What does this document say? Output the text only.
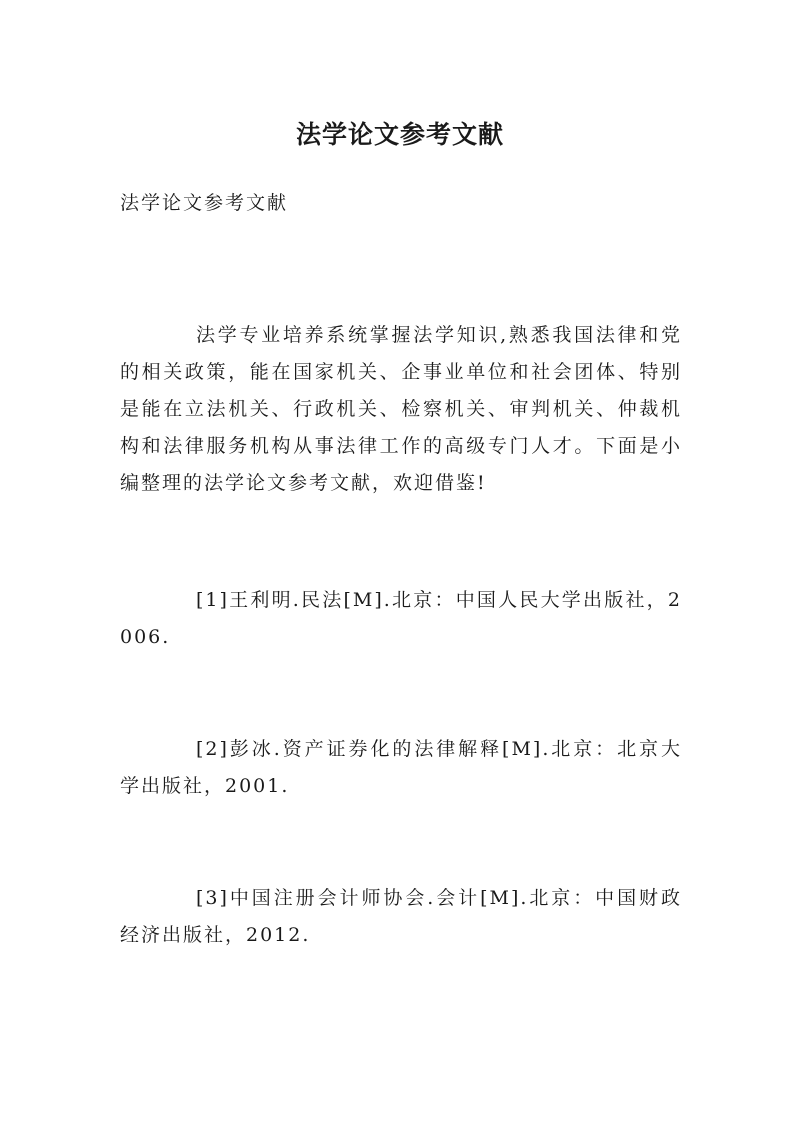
法学论文参考文献
法学论文参考文献

法学专业培养系统掌握法学知识,熟悉我国法律和党的相关政策，能在国家机关、企事业单位和社会团体、特别是能在立法机关、行政机关、检察机关、审判机关、仲裁机构和法律服务机构从事法律工作的高级专门人才。下面是小编整理的法学论文参考文献，欢迎借鉴!

[1]王利明.民法[M].北京：中国人民大学出版社，2006.

[2]彭冰.资产证券化的法律解释[M].北京：北京大学出版社，2001.

[3]中国注册会计师协会.会计[M].北京：中国财政经济出版社，2012.
